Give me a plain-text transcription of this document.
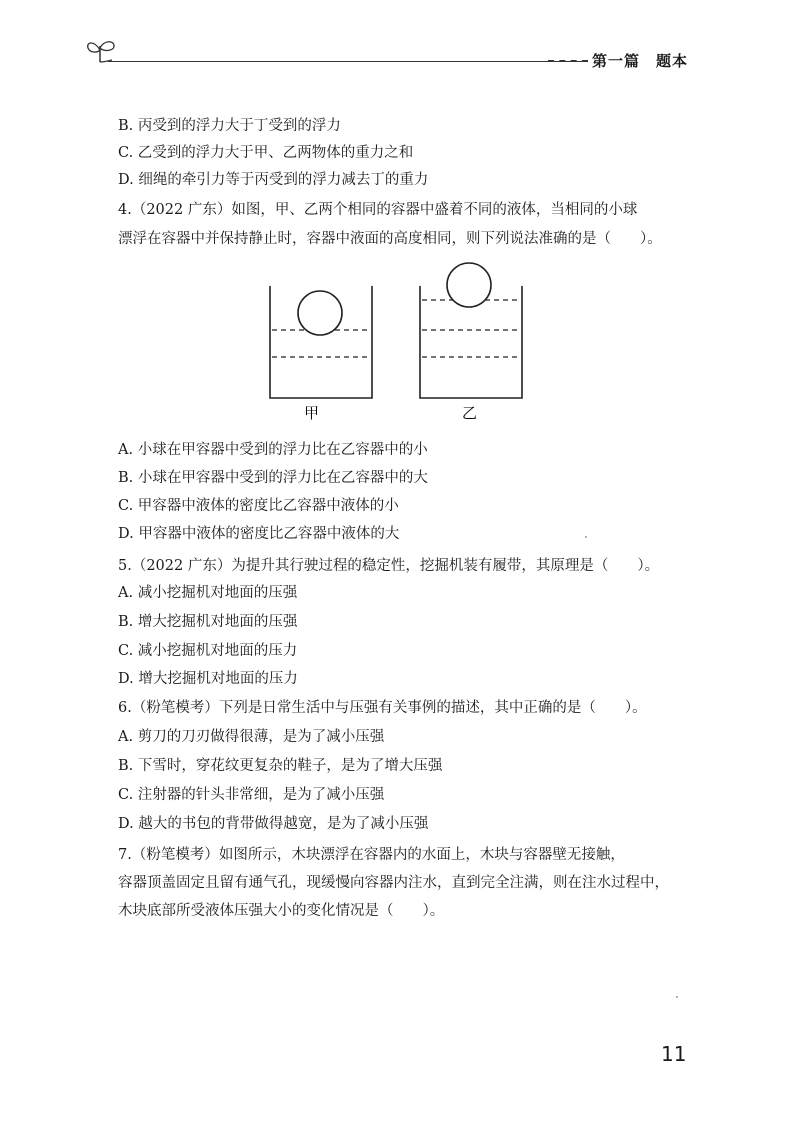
第一篇　题本
B. 丙受到的浮力大于丁受到的浮力
C. 乙受到的浮力大于甲、乙两物体的重力之和
D. 细绳的牵引力等于丙受到的浮力减去丁的重力
4.（2022 广东）如图，甲、乙两个相同的容器中盛着不同的液体，当相同的小球
漂浮在容器中并保持静止时，容器中液面的高度相同，则下列说法准确的是（　　）。
甲	乙
A. 小球在甲容器中受到的浮力比在乙容器中的小
B. 小球在甲容器中受到的浮力比在乙容器中的大
C. 甲容器中液体的密度比乙容器中液体的小
D. 甲容器中液体的密度比乙容器中液体的大
5.（2022 广东）为提升其行驶过程的稳定性，挖掘机装有履带，其原理是（　　）。
A. 减小挖掘机对地面的压强
B. 增大挖掘机对地面的压强
C. 减小挖掘机对地面的压力
D. 增大挖掘机对地面的压力
6.（粉笔模考）下列是日常生活中与压强有关事例的描述，其中正确的是（　　）。
A. 剪刀的刀刃做得很薄，是为了减小压强
B. 下雪时，穿花纹更复杂的鞋子，是为了增大压强
C. 注射器的针头非常细，是为了减小压强
D. 越大的书包的背带做得越宽，是为了减小压强
7.（粉笔模考）如图所示，木块漂浮在容器内的水面上，木块与容器壁无接触，
容器顶盖固定且留有通气孔，现缓慢向容器内注水，直到完全注满，则在注水过程中，
木块底部所受液体压强大小的变化情况是（　　）。
11
